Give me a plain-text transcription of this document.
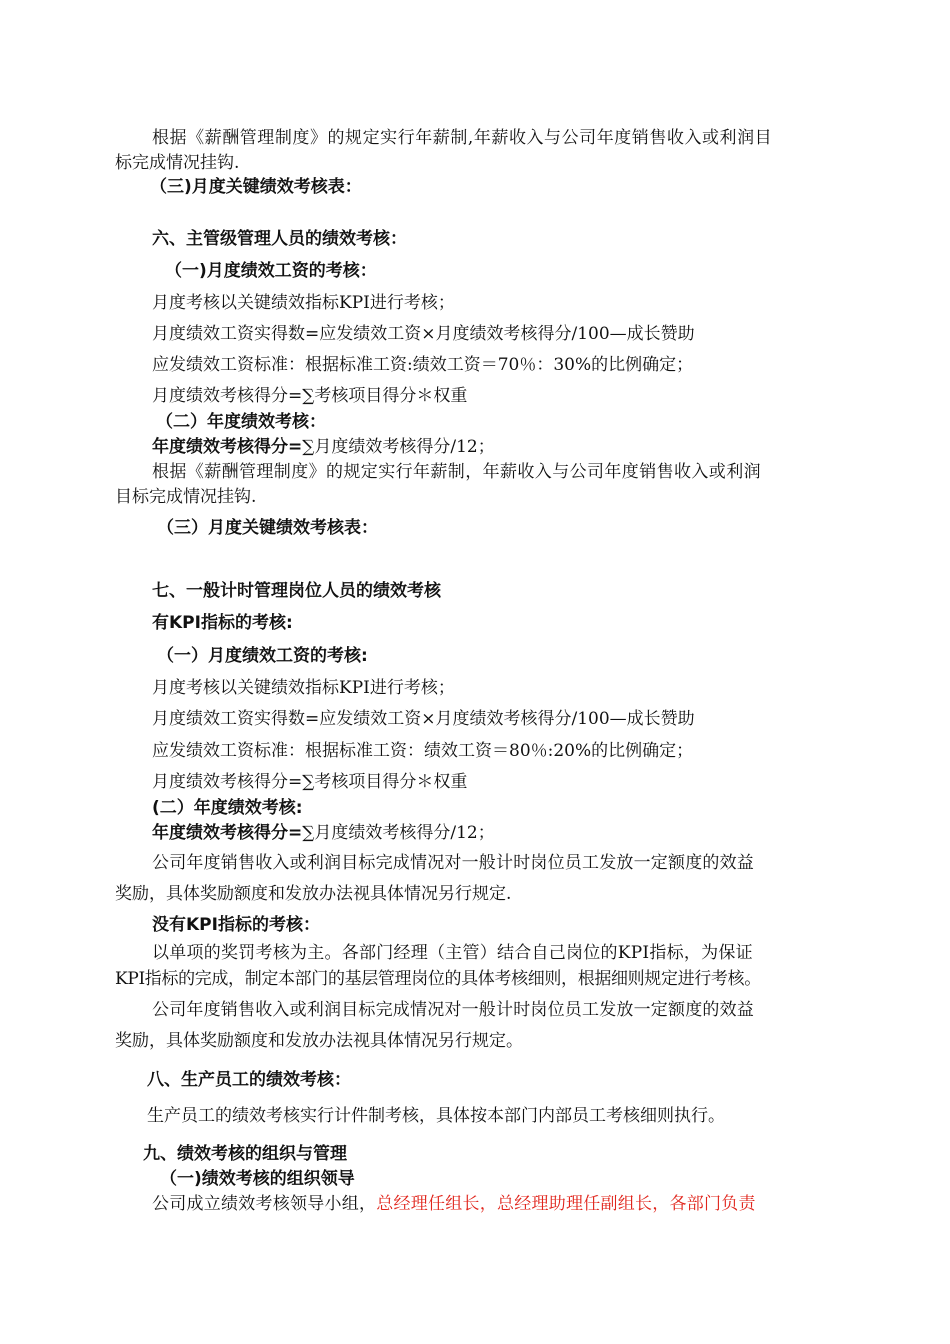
根据《薪酬管理制度》的规定实行年薪制,年薪收入与公司年度销售收入或利润目
标完成情况挂钩.
（三)月度关键绩效考核表：
六、主管级管理人员的绩效考核：
（一)月度绩效工资的考核：
月度考核以关键绩效指标KPI进行考核；
月度绩效工资实得数=应发绩效工资×月度绩效考核得分/100—成长赞助
应发绩效工资标准：根据标准工资:绩效工资＝70％：30%的比例确定；
月度绩效考核得分=∑考核项目得分＊权重
（二）年度绩效考核：
年度绩效考核得分=∑月度绩效考核得分/12；
根据《薪酬管理制度》的规定实行年薪制，年薪收入与公司年度销售收入或利润
目标完成情况挂钩.
（三）月度关键绩效考核表：
七、一般计时管理岗位人员的绩效考核
有KPI指标的考核:
（一）月度绩效工资的考核:
月度考核以关键绩效指标KPI进行考核；
月度绩效工资实得数=应发绩效工资×月度绩效考核得分/100—成长赞助
应发绩效工资标准：根据标准工资：绩效工资＝80％:20%的比例确定；
月度绩效考核得分=∑考核项目得分＊权重
(二）年度绩效考核:
年度绩效考核得分=∑月度绩效考核得分/12；
公司年度销售收入或利润目标完成情况对一般计时岗位员工发放一定额度的效益
奖励，具体奖励额度和发放办法视具体情况另行规定.
没有KPI指标的考核：
以单项的奖罚考核为主。各部门经理（主管）结合自己岗位的KPI指标，为保证
KPI指标的完成，制定本部门的基层管理岗位的具体考核细则，根据细则规定进行考核。
公司年度销售收入或利润目标完成情况对一般计时岗位员工发放一定额度的效益
奖励，具体奖励额度和发放办法视具体情况另行规定。
八、生产员工的绩效考核：
生产员工的绩效考核实行计件制考核，具体按本部门内部员工考核细则执行。
九、绩效考核的组织与管理
（一)绩效考核的组织领导
公司成立绩效考核领导小组，总经理任组长，总经理助理任副组长，各部门负责
